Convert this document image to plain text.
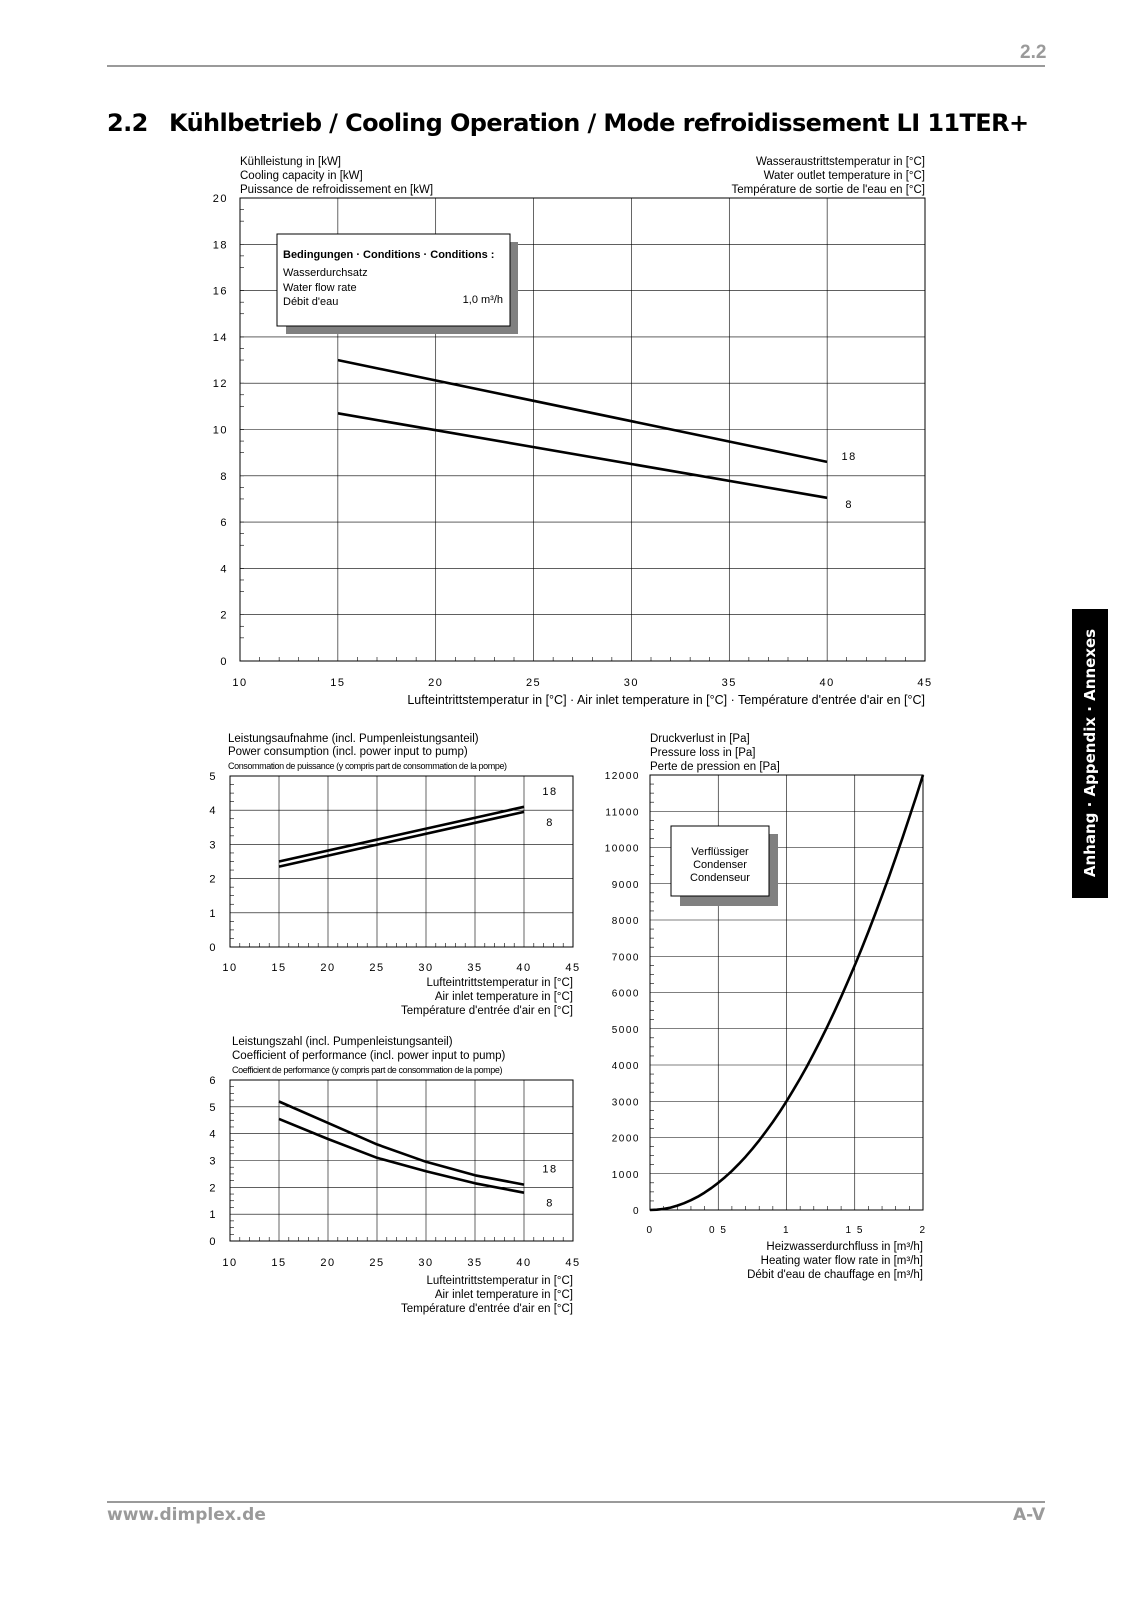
2.2
2.2 Kühlbetrieb / Cooling Operation / Mode refroidissement LI 11TER+
Anhang · Appendix · Annexes
Kühlleistung in [kW]
Cooling capacity in [kW]
Puissance de refroidissement en [kW]
Wasseraustrittstemperatur in [°C]
Water outlet temperature in [°C]
Température de sortie de l'eau en [°C]
10	15	20	25	30	35	40	45
0
2
4
6
8
10
12
14
16
18
20
18
8
Bedingungen · Conditions · Conditions :
Wasserdurchsatz
Water flow rate
Débit d'eau	1,0 m³/h
Lufteintrittstemperatur in [°C] · Air inlet temperature in [°C] · Température d'entrée d'air en [°C]
Leistungsaufnahme (incl. Pumpenleistungsanteil)
Power consumption (incl. power input to pump)
Consommation de puissance (y compris part de consommation de la pompe)
10	15	20	25	30	35	40	45
0
1
2
3
4
5
18
8
Lufteintrittstemperatur in [°C]
Air inlet temperature in [°C]
Température d'entrée d'air en [°C]
Leistungszahl (incl. Pumpenleistungsanteil)
Coefficient of performance (incl. power input to pump)
Coefficient de performance (y compris part de consommation de la pompe)
10	15	20	25	30	35	40	45
0
1
2
3
4
5
6
18
8
Lufteintrittstemperatur in [°C]
Air inlet temperature in [°C]
Température d'entrée d'air en [°C]
Druckverlust in [Pa]
Pressure loss in [Pa]
Perte de pression en [Pa]
0	0 5	1	1 5	2
0
1000
2000
3000
4000
5000
6000
7000
8000
9000
10000
11000
12000
Verflüssiger
Condenser
Condenseur
Heizwasserdurchfluss in [m³/h]
Heating water flow rate in [m³/h]
Débit d'eau de chauffage en [m³/h]
www.dimplex.de	A-V
